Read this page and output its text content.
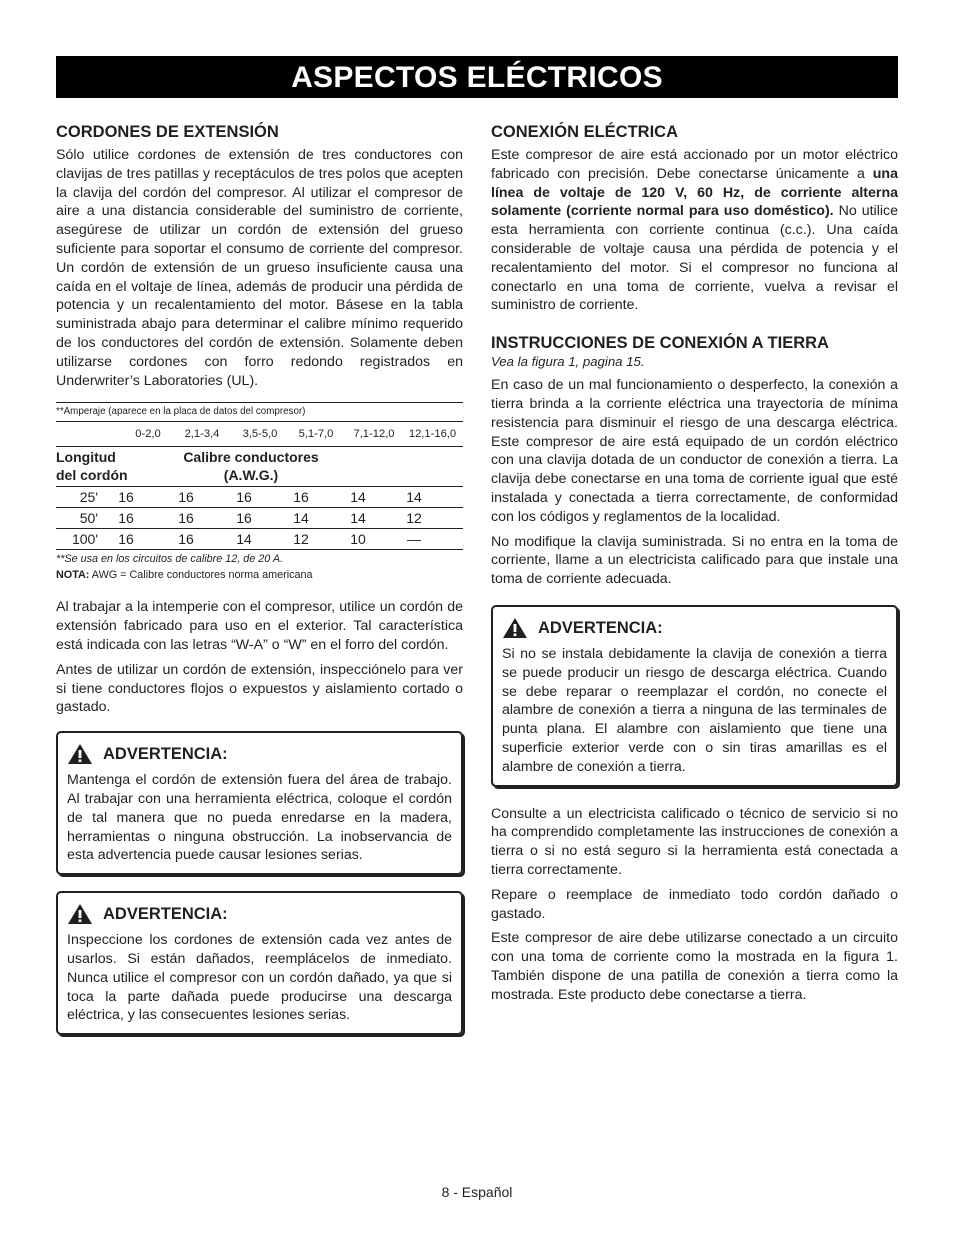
ASPECTOS ELÉCTRICOS
CORDONES DE EXTENSIÓN

Sólo utilice cordones de extensión de tres conductores con clavijas de tres patillas y receptáculos de tres polos que acepten la clavija del cordón del compresor. Al utilizar el compresor de aire a una distancia considerable del suministro de corriente, asegúrese de utilizar un cordón de extensión del grueso suficiente para soportar el consumo de corriente del compresor. Un cordón de extensión de un grueso insuficiente causa una caída en el voltaje de línea, además de producir una pérdida de potencia y un recalentamiento del motor. Básese en la tabla suministrada abajo para determinar el calibre mínimo requerido de los conductores del cordón de extensión. Solamente deben utilizarse cordones con forro redondo registrados en Underwriter’s Laboratories (UL).

**Amperaje (aparece en la placa de datos del compresor)
0-2,0	2,1-3,4	3,5-5,0	5,1-7,0	7,1-12,0	12,1-16,0
Longitud
del cordón
Calibre conductores
(A.W.G.)
25'	16	16	16	16	14	14
50'	16	16	16	14	14	12
100'	16	16	14	12	10	—
**Se usa en los circuitos de calibre 12, de 20 A.
NOTA: AWG = Calibre conductores norma americana

Al trabajar a la intemperie con el compresor, utilice un cordón de extensión fabricado para uso en el exterior. Tal característica está indicada con las letras “W-A” o “W” en el forro del cordón.

Antes de utilizar un cordón de extensión, inspecciónelo para ver si tiene conductores flojos o expuestos y aislamiento cortado o gastado.

ADVERTENCIA:

Mantenga el cordón de extensión fuera del área de trabajo. Al trabajar con una herramienta eléctrica, coloque el cordón de tal manera que no pueda enredarse en la madera, herramientas o ninguna obstrucción. La inobservancia de esta advertencia puede causar lesiones serias.

ADVERTENCIA:

Inspeccione los cordones de extensión cada vez antes de usarlos. Si están dañados, reemplácelos de inmediato. Nunca utilice el compresor con un cordón dañado, ya que si toca la parte dañada puede producirse una descarga eléctrica, y las consecuentes lesiones serias.

CONEXIÓN ELÉCTRICA

Este compresor de aire está accionado por un motor eléctrico fabricado con precisión. Debe conectarse únicamente a una línea de voltaje de 120 V, 60 Hz, de corriente alterna solamente (corriente normal para uso doméstico). No utilice esta herramienta con corriente continua (c.c.). Una caída considerable de voltaje causa una pérdida de potencia y el recalentamiento del motor. Si el compresor no funciona al conectarlo en una toma de corriente, vuelva a revisar el suministro de corriente.

INSTRUCCIONES DE CONEXIÓN A TIERRA

Vea la figura 1, pagina 15.

En caso de un mal funcionamiento o desperfecto, la conexión a tierra brinda a la corriente eléctrica una trayectoria de mínima resistencia para disminuir el riesgo de una descarga eléctrica. Este compresor de aire está equipado de un cordón eléctrico con una clavija dotada de un conductor de conexión a tierra. La clavija debe conectarse en una toma de corriente igual que esté instalada y conectada a tierra correctamente, de conformidad con los códigos y reglamentos de la localidad.

No modifique la clavija suministrada. Si no entra en la toma de corriente, llame a un electricista calificado para que instale una toma de corriente adecuada.

ADVERTENCIA:

Si no se instala debidamente la clavija de conexión a tierra se puede producir un riesgo de descarga eléctrica. Cuando se debe reparar o reemplazar el cordón, no conecte el alambre de conexión a tierra a ninguna de las terminales de punta plana. El alambre con aislamiento que tiene una superficie exterior verde con o sin tiras amarillas es el alambre de conexión a tierra.

Consulte a un electricista calificado o técnico de servicio si no ha comprendido completamente las instrucciones de conexión a tierra o si no está seguro si la herramienta está conectada a tierra correctamente.

Repare o reemplace de inmediato todo cordón dañado o gastado.

Este compresor de aire debe utilizarse conectado a un circuito con una toma de corriente como la mostrada en la figura 1. También dispone de una patilla de conexión a tierra como la mostrada. Este producto debe conectarse a tierra.

8 - Español
